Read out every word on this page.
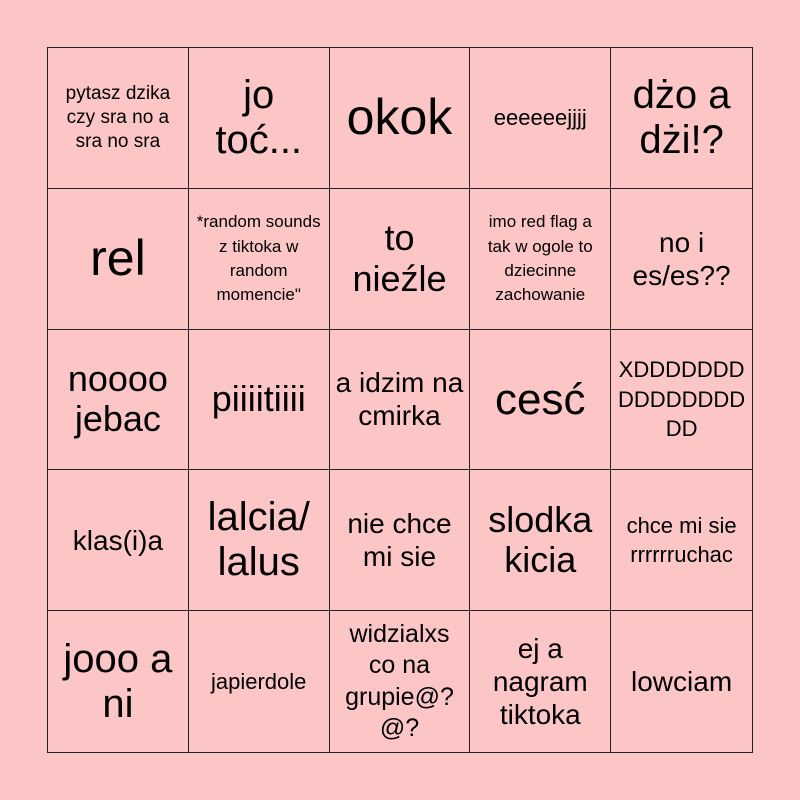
pytasz dzika czy sra no a sra no sra
jo toć... okok eeeeeejjjj
dżo a dżi!?
rel
*random sounds z tiktoka w random momencie"
to nieźle
imo red flag a tak w ogole to dziecinne zachowanie
no i es/es??
noooo jebac	piiiitiiii a idzim na cmirka	cesć
XDDDDDDDDDDDDDDDDD
klas(i)a
lalcia/ lalus
nie chce mi sie
slodka kicia
chce mi sie rrrrrruchac
jooo a ni
japierdole
widzialxs co na grupie@?@?
ej a nagram tiktoka
lowciam
